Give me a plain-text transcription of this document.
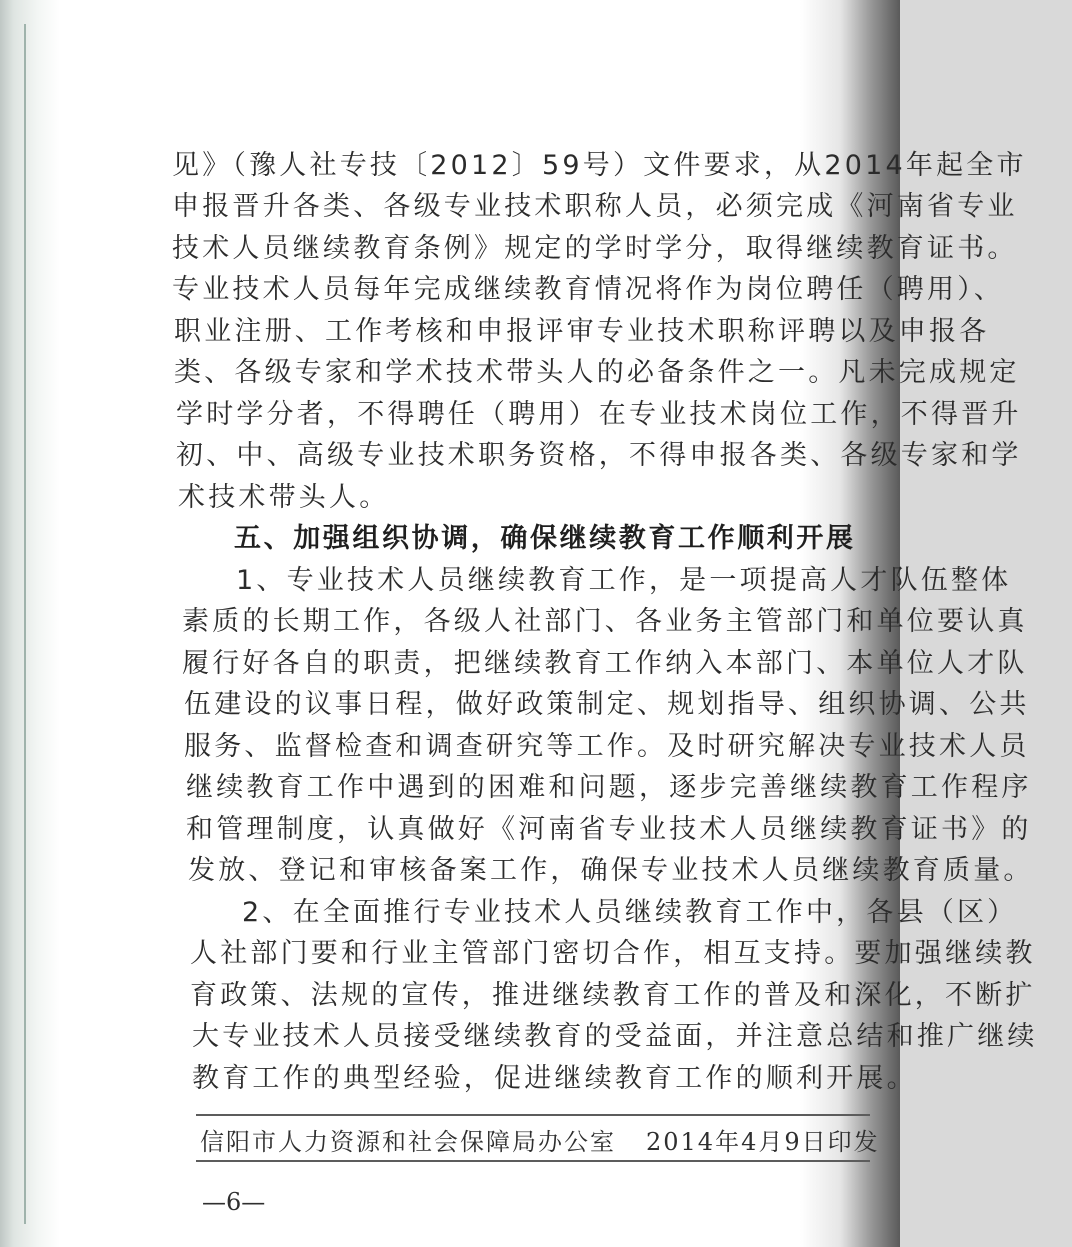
见》（豫人社专技〔2012〕59号）文件要求，从2014年起全市
申报晋升各类、各级专业技术职称人员，必须完成《河南省专业
技术人员继续教育条例》规定的学时学分，取得继续教育证书。
专业技术人员每年完成继续教育情况将作为岗位聘任（聘用）、
职业注册、工作考核和申报评审专业技术职称评聘以及申报各
类、各级专家和学术技术带头人的必备条件之一。凡未完成规定
学时学分者，不得聘任（聘用）在专业技术岗位工作，不得晋升
初、中、高级专业技术职务资格，不得申报各类、各级专家和学
术技术带头人。
五、加强组织协调，确保继续教育工作顺利开展
1、专业技术人员继续教育工作，是一项提高人才队伍整体
素质的长期工作，各级人社部门、各业务主管部门和单位要认真
履行好各自的职责，把继续教育工作纳入本部门、本单位人才队
伍建设的议事日程，做好政策制定、规划指导、组织协调、公共
服务、监督检查和调查研究等工作。及时研究解决专业技术人员
继续教育工作中遇到的困难和问题，逐步完善继续教育工作程序
和管理制度，认真做好《河南省专业技术人员继续教育证书》的
发放、登记和审核备案工作，确保专业技术人员继续教育质量。
2、在全面推行专业技术人员继续教育工作中，各县（区）
人社部门要和行业主管部门密切合作，相互支持。要加强继续教
育政策、法规的宣传，推进继续教育工作的普及和深化，不断扩
大专业技术人员接受继续教育的受益面，并注意总结和推广继续
教育工作的典型经验，促进继续教育工作的顺利开展。
信阳市人力资源和社会保障局办公室 2014年4月9日印发
—6—
